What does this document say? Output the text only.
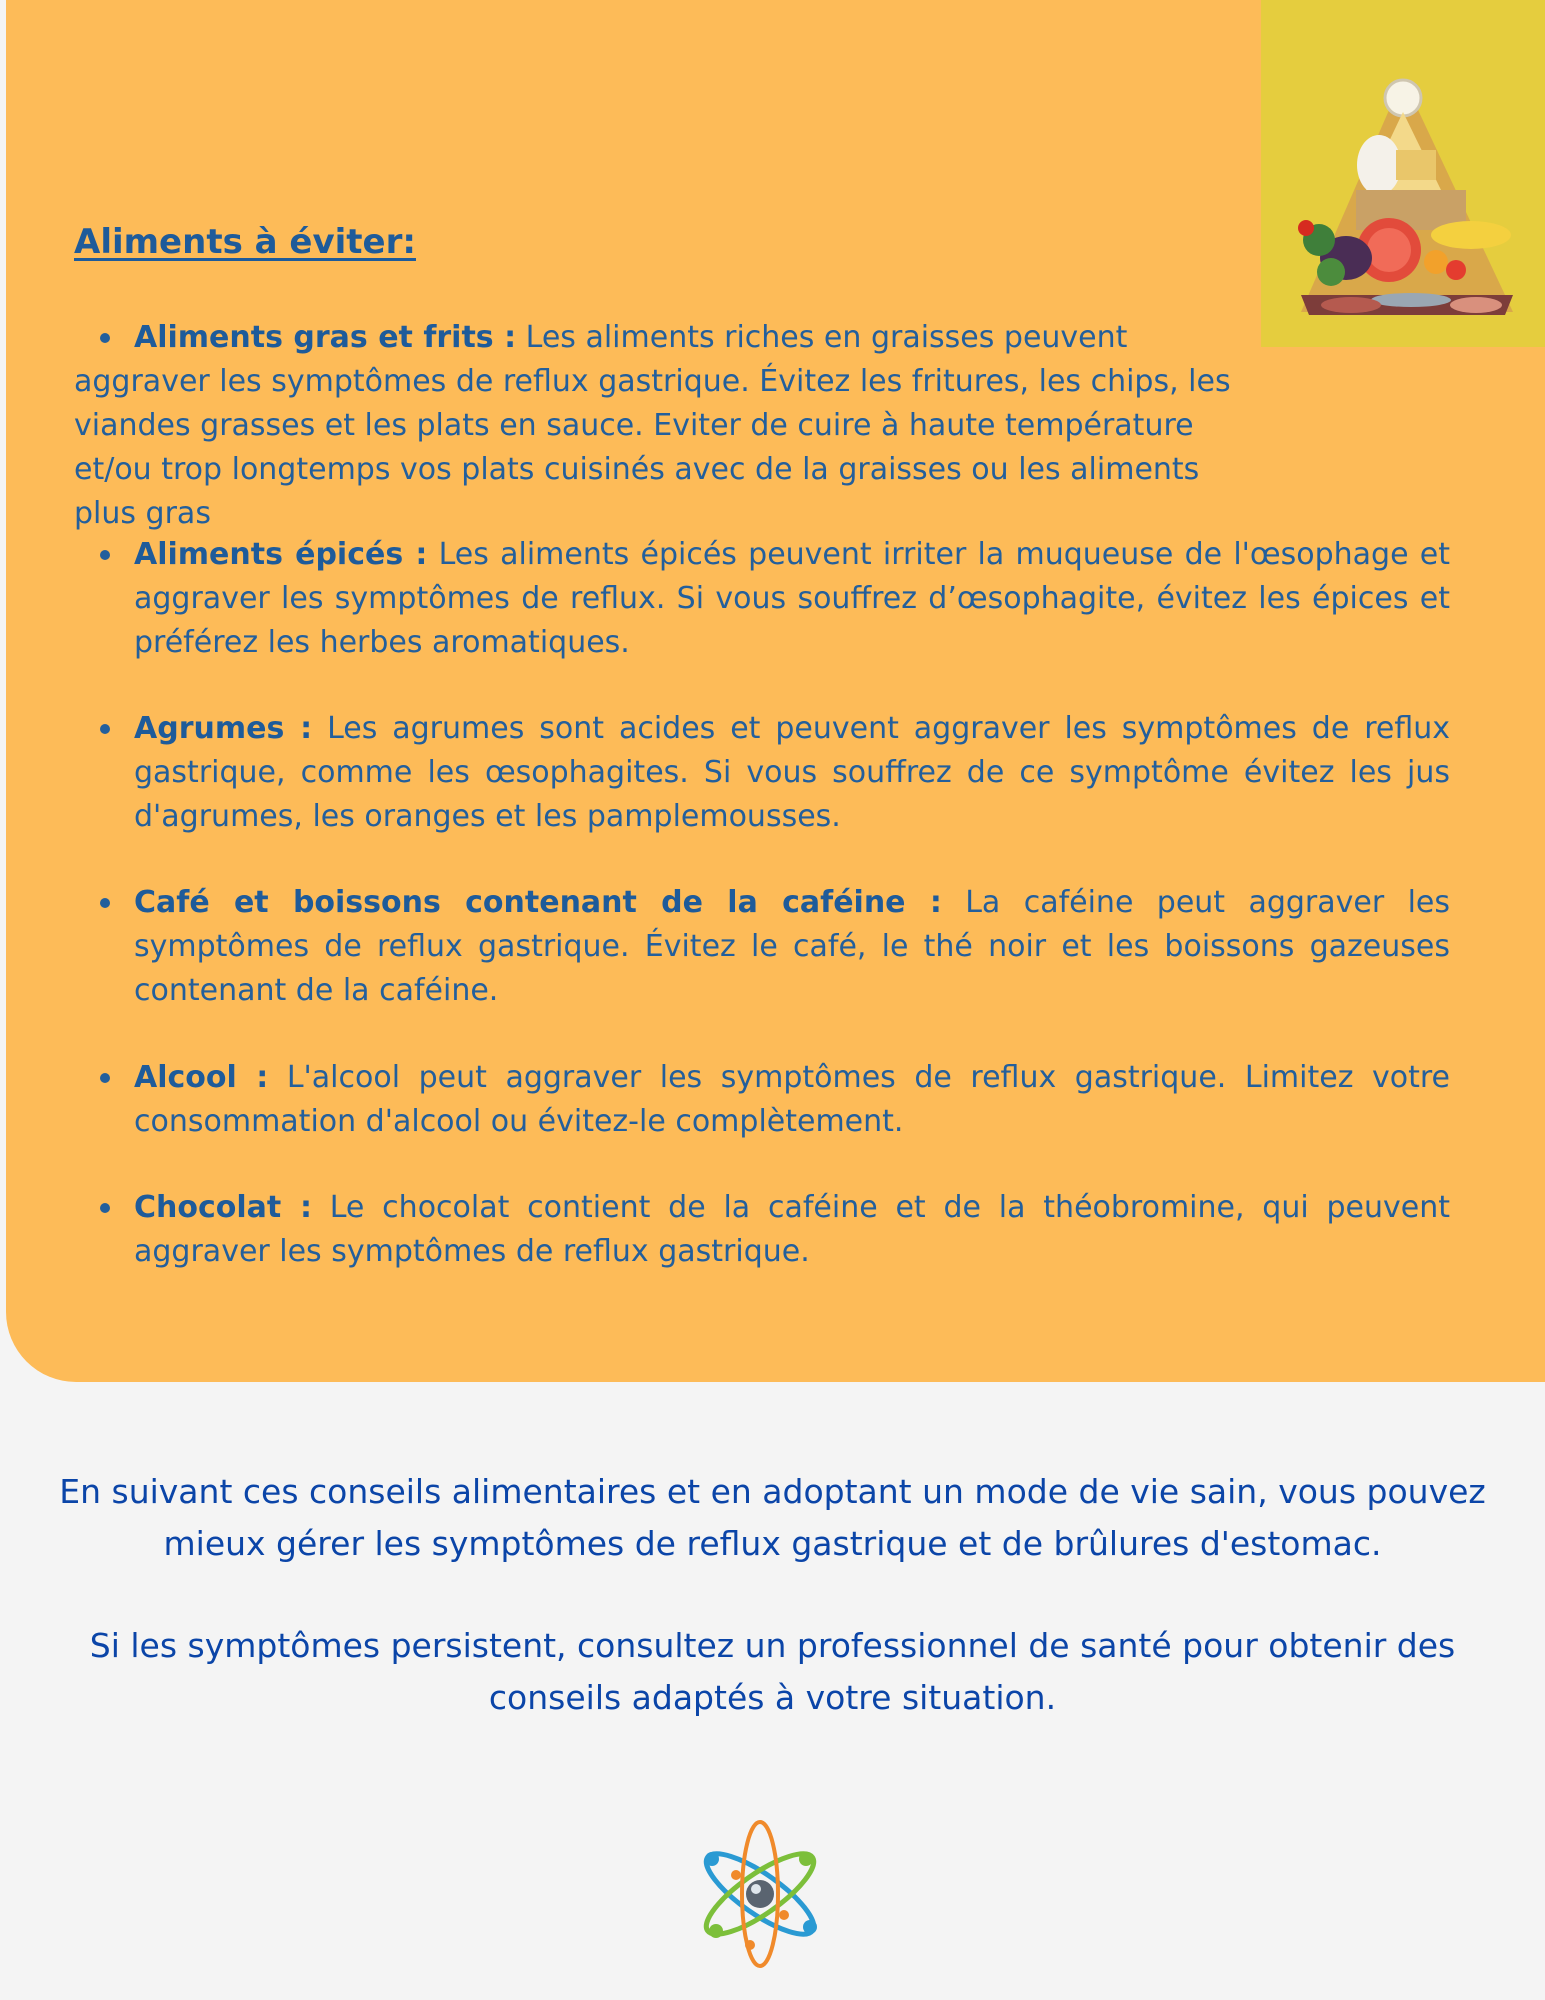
Aliments à éviter:

Aliments gras et frits : Les aliments riches en graisses peuvent
aggraver les symptômes de reflux gastrique. Évitez les fritures, les chips, les viandes grasses et les plats en sauce. Eviter de cuire à haute température et/ou trop longtemps vos plats cuisinés avec de la graisses ou les aliments plus gras

Aliments épicés : Les aliments épicés peuvent irriter la muqueuse de l'œsophage et aggraver les symptômes de reflux. Si vous souffrez d’œsophagite, évitez les épices et préférez les herbes aromatiques.

Agrumes : Les agrumes sont acides et peuvent aggraver les symptômes de reflux gastrique, comme les œsophagites. Si vous souffrez de ce symptôme évitez les jus d'agrumes, les oranges et les pamplemousses.

Café et boissons contenant de la caféine : La caféine peut aggraver les symptômes de reflux gastrique. Évitez le café, le thé noir et les boissons gazeuses contenant de la caféine.

Alcool : L'alcool peut aggraver les symptômes de reflux gastrique. Limitez votre consommation d'alcool ou évitez-le complètement.

Chocolat : Le chocolat contient de la caféine et de la théobromine, qui peuvent aggraver les symptômes de reflux gastrique.

En suivant ces conseils alimentaires et en adoptant un mode de vie sain, vous pouvez mieux gérer les symptômes de reflux gastrique et de brûlures d'estomac.

Si les symptômes persistent, consultez un professionnel de santé pour obtenir des conseils adaptés à votre situation.
